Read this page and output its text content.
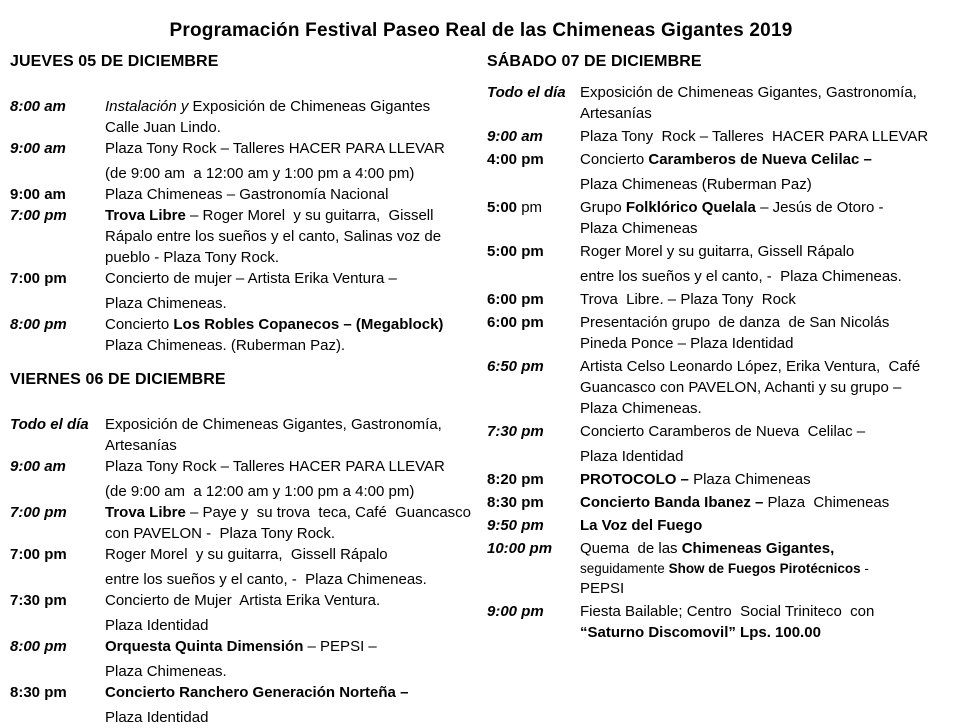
Programación Festival Paseo Real de las Chimeneas Gigantes 2019
JUEVES 05 DE DICIEMBRE
8:00 am	Instalación y Exposición de Chimeneas Gigantes
Calle Juan Lindo.
9:00 am	Plaza Tony Rock – Talleres HACER PARA LLEVAR
(de 9:00 am  a 12:00 am y 1:00 pm a 4:00 pm)
9:00 am	Plaza Chimeneas – Gastronomía Nacional
7:00 pm	Trova Libre – Roger Morel  y su guitarra,  Gissell
Rápalo entre los sueños y el canto, Salinas voz de
pueblo - Plaza Tony Rock.
7:00 pm	Concierto de mujer – Artista Erika Ventura –
Plaza Chimeneas.
8:00 pm	Concierto Los Robles Copanecos – (Megablock)
Plaza Chimeneas. (Ruberman Paz).
VIERNES 06 DE DICIEMBRE
Todo el día	Exposición de Chimeneas Gigantes, Gastronomía,
Artesanías
9:00 am	Plaza Tony Rock – Talleres HACER PARA LLEVAR
(de 9:00 am  a 12:00 am y 1:00 pm a 4:00 pm)
7:00 pm	Trova Libre – Paye y  su trova  teca, Café  Guancasco
con PAVELON -  Plaza Tony Rock.
7:00 pm	Roger Morel  y su guitarra,  Gissell Rápalo
entre los sueños y el canto, -  Plaza Chimeneas.
7:30 pm	Concierto de Mujer  Artista Erika Ventura.
Plaza Identidad
8:00 pm	Orquesta Quinta Dimensión – PEPSI –
Plaza Chimeneas.
8:30 pm	Concierto Ranchero Generación Norteña –
Plaza Identidad
SÁBADO 07 DE DICIEMBRE
Todo el día Exposición de Chimeneas Gigantes, Gastronomía,
Artesanías
9:00 am	Plaza Tony  Rock – Talleres  HACER PARA LLEVAR
4:00 pm	Concierto Caramberos de Nueva Celilac –
Plaza Chimeneas (Ruberman Paz)
5:00 pm	Grupo Folklórico Quelala – Jesús de Otoro -
Plaza Chimeneas
5:00 pm	Roger Morel y su guitarra, Gissell Rápalo
entre los sueños y el canto, -  Plaza Chimeneas.
6:00 pm	Trova  Libre. – Plaza Tony  Rock
6:00 pm	Presentación grupo  de danza  de San Nicolás
Pineda Ponce – Plaza Identidad
6:50 pm	Artista Celso Leonardo López, Erika Ventura,  Café
Guancasco con PAVELON, Achanti y su grupo –
Plaza Chimeneas.
7:30 pm	Concierto Caramberos de Nueva  Celilac –
Plaza Identidad
8:20 pm	PROTOCOLO – Plaza Chimeneas
8:30 pm	Concierto Banda Ibanez – Plaza  Chimeneas
9:50 pm	La Voz del Fuego
10:00 pm	Quema  de las Chimeneas Gigantes,
seguidamente Show de Fuegos Pirotécnicos -
PEPSI
9:00 pm	Fiesta Bailable; Centro  Social Triniteco  con
“Saturno Discomovil” Lps. 100.00
